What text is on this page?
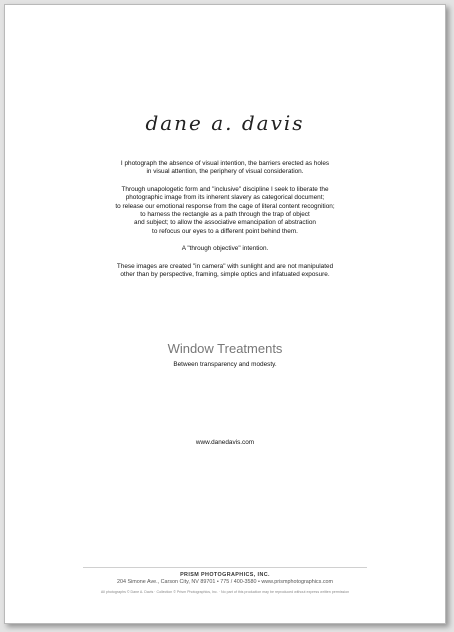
dane a. davis

I photograph the absence of visual intention, the barriers erected as holes
in visual attention, the periphery of visual consideration.

Through unapologetic form and "inclusive" discipline I seek to liberate the
photographic image from its inherent slavery as categorical document;
to release our emotional response from the cage of literal content recognition;
to harness the rectangle as a path through the trap of object
and subject; to allow the associative emancipation of abstraction
to refocus our eyes to a different point behind them.

A "through objective" intention.

These images are created "in camera" with sunlight and are not manipulated
other than by perspective, framing, simple optics and infatuated exposure.

Window Treatments
Between transparency and modesty.
www.danedavis.com
PRISM PHOTOGRAPHICS, INC.
204 Simone Ave., Carson City, NV 89701 • 775 / 400-3580 • www.prismphotographics.com
All photographs © Dane A. Davis · Collection © Prism Photographics, Inc. · No part of this production may be reproduced without express written permission
